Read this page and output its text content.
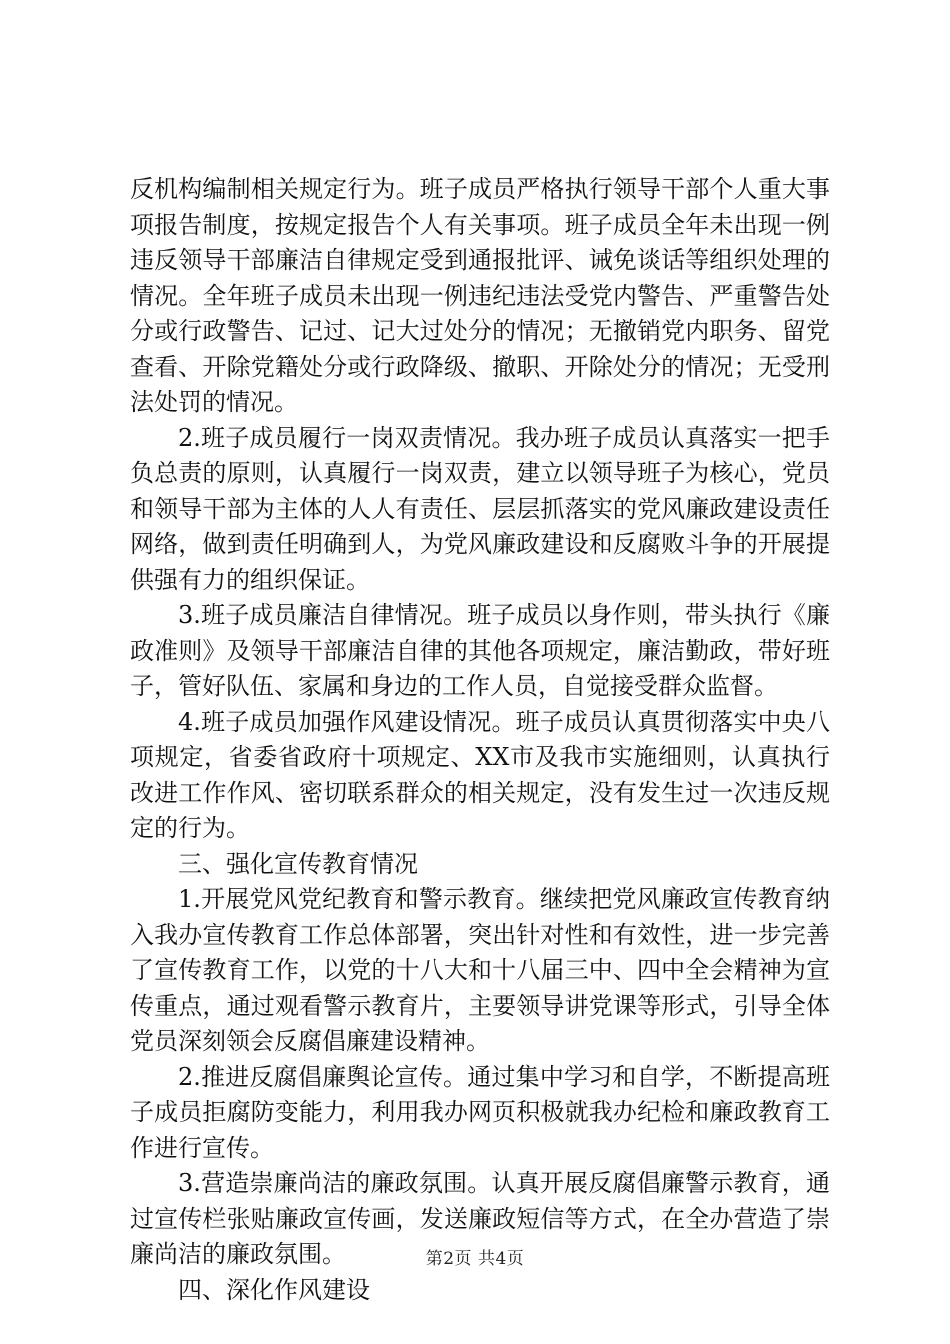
反机构编制相关规定行为。班子成员严格执行领导干部个人重大事项报告制度，按规定报告个人有关事项。班子成员全年未出现一例违反领导干部廉洁自律规定受到通报批评、诫免谈话等组织处理的情况。全年班子成员未出现一例违纪违法受党内警告、严重警告处分或行政警告、记过、记大过处分的情况；无撤销党内职务、留党查看、开除党籍处分或行政降级、撤职、开除处分的情况；无受刑法处罚的情况。

2.班子成员履行一岗双责情况。我办班子成员认真落实一把手负总责的原则，认真履行一岗双责，建立以领导班子为核心，党员和领导干部为主体的人人有责任、层层抓落实的党风廉政建设责任网络，做到责任明确到人，为党风廉政建设和反腐败斗争的开展提供强有力的组织保证。

3.班子成员廉洁自律情况。班子成员以身作则，带头执行《廉政准则》及领导干部廉洁自律的其他各项规定，廉洁勤政，带好班子，管好队伍、家属和身边的工作人员，自觉接受群众监督。

4.班子成员加强作风建设情况。班子成员认真贯彻落实中央八项规定，省委省政府十项规定、XX市及我市实施细则，认真执行改进工作作风、密切联系群众的相关规定，没有发生过一次违反规定的行为。

三、强化宣传教育情况

1.开展党风党纪教育和警示教育。继续把党风廉政宣传教育纳入我办宣传教育工作总体部署，突出针对性和有效性，进一步完善了宣传教育工作，以党的十八大和十八届三中、四中全会精神为宣传重点，通过观看警示教育片，主要领导讲党课等形式，引导全体党员深刻领会反腐倡廉建设精神。

2.推进反腐倡廉舆论宣传。通过集中学习和自学，不断提高班子成员拒腐防变能力，利用我办网页积极就我办纪检和廉政教育工作进行宣传。

3.营造崇廉尚洁的廉政氛围。认真开展反腐倡廉警示教育，通过宣传栏张贴廉政宣传画，发送廉政短信等方式，在全办营造了崇廉尚洁的廉政氛围。

四、深化作风建设

第2页 共4页
